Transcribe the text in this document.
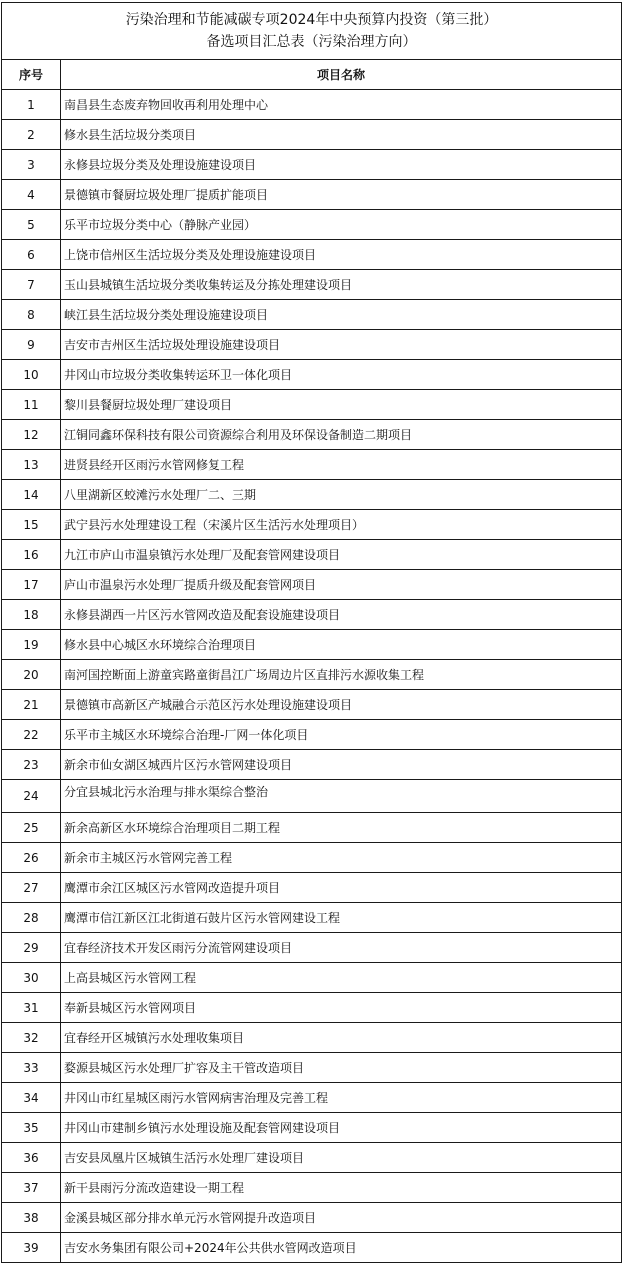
污染治理和节能减碳专项2024年中央预算内投资（第三批）
备选项目汇总表（污染治理方向）	

序号	项目名称
1	南昌县生态废弃物回收再利用处理中心
2	修水县生活垃圾分类项目
3	永修县垃圾分类及处理设施建设项目
4	景德镇市餐厨垃圾处理厂提质扩能项目
5	乐平市垃圾分类中心（静脉产业园）
6	上饶市信州区生活垃圾分类及处理设施建设项目
7	玉山县城镇生活垃圾分类收集转运及分拣处理建设项目
8	峡江县生活垃圾分类处理设施建设项目
9	吉安市吉州区生活垃圾处理设施建设项目
10	井冈山市垃圾分类收集转运环卫一体化项目
11	黎川县餐厨垃圾处理厂建设项目
12	江铜同鑫环保科技有限公司资源综合利用及环保设备制造二期项目
13	进贤县经开区雨污水管网修复工程
14	八里湖新区蛟滩污水处理厂二、三期
15	武宁县污水处理建设工程（宋溪片区生活污水处理项目）
16	九江市庐山市温泉镇污水处理厂及配套管网建设项目
17	庐山市温泉污水处理厂提质升级及配套管网项目
18	永修县湖西一片区污水管网改造及配套设施建设项目
19	修水县中心城区水环境综合治理项目
20	南河国控断面上游童宾路童街昌江广场周边片区直排污水源收集工程
21	景德镇市高新区产城融合示范区污水处理设施建设项目
22	乐平市主城区水环境综合治理-厂网一体化项目
23	新余市仙女湖区城西片区污水管网建设项目
24	分宜县城北污水治理与排水渠综合整治
25	新余高新区水环境综合治理项目二期工程
26	新余市主城区污水管网完善工程
27	鹰潭市余江区城区污水管网改造提升项目
28	鹰潭市信江新区江北街道石鼓片区污水管网建设工程
29	宜春经济技术开发区雨污分流管网建设项目
30	上高县城区污水管网工程
31	奉新县城区污水管网项目
32	宜春经开区城镇污水处理收集项目
33	婺源县城区污水处理厂扩容及主干管改造项目
34	井冈山市红星城区雨污水管网病害治理及完善工程
35	井冈山市建制乡镇污水处理设施及配套管网建设项目
36	吉安县凤凰片区城镇生活污水处理厂建设项目
37	新干县雨污分流改造建设一期工程
38	金溪县城区部分排水单元污水管网提升改造项目
39	吉安水务集团有限公司+2024年公共供水管网改造项目
